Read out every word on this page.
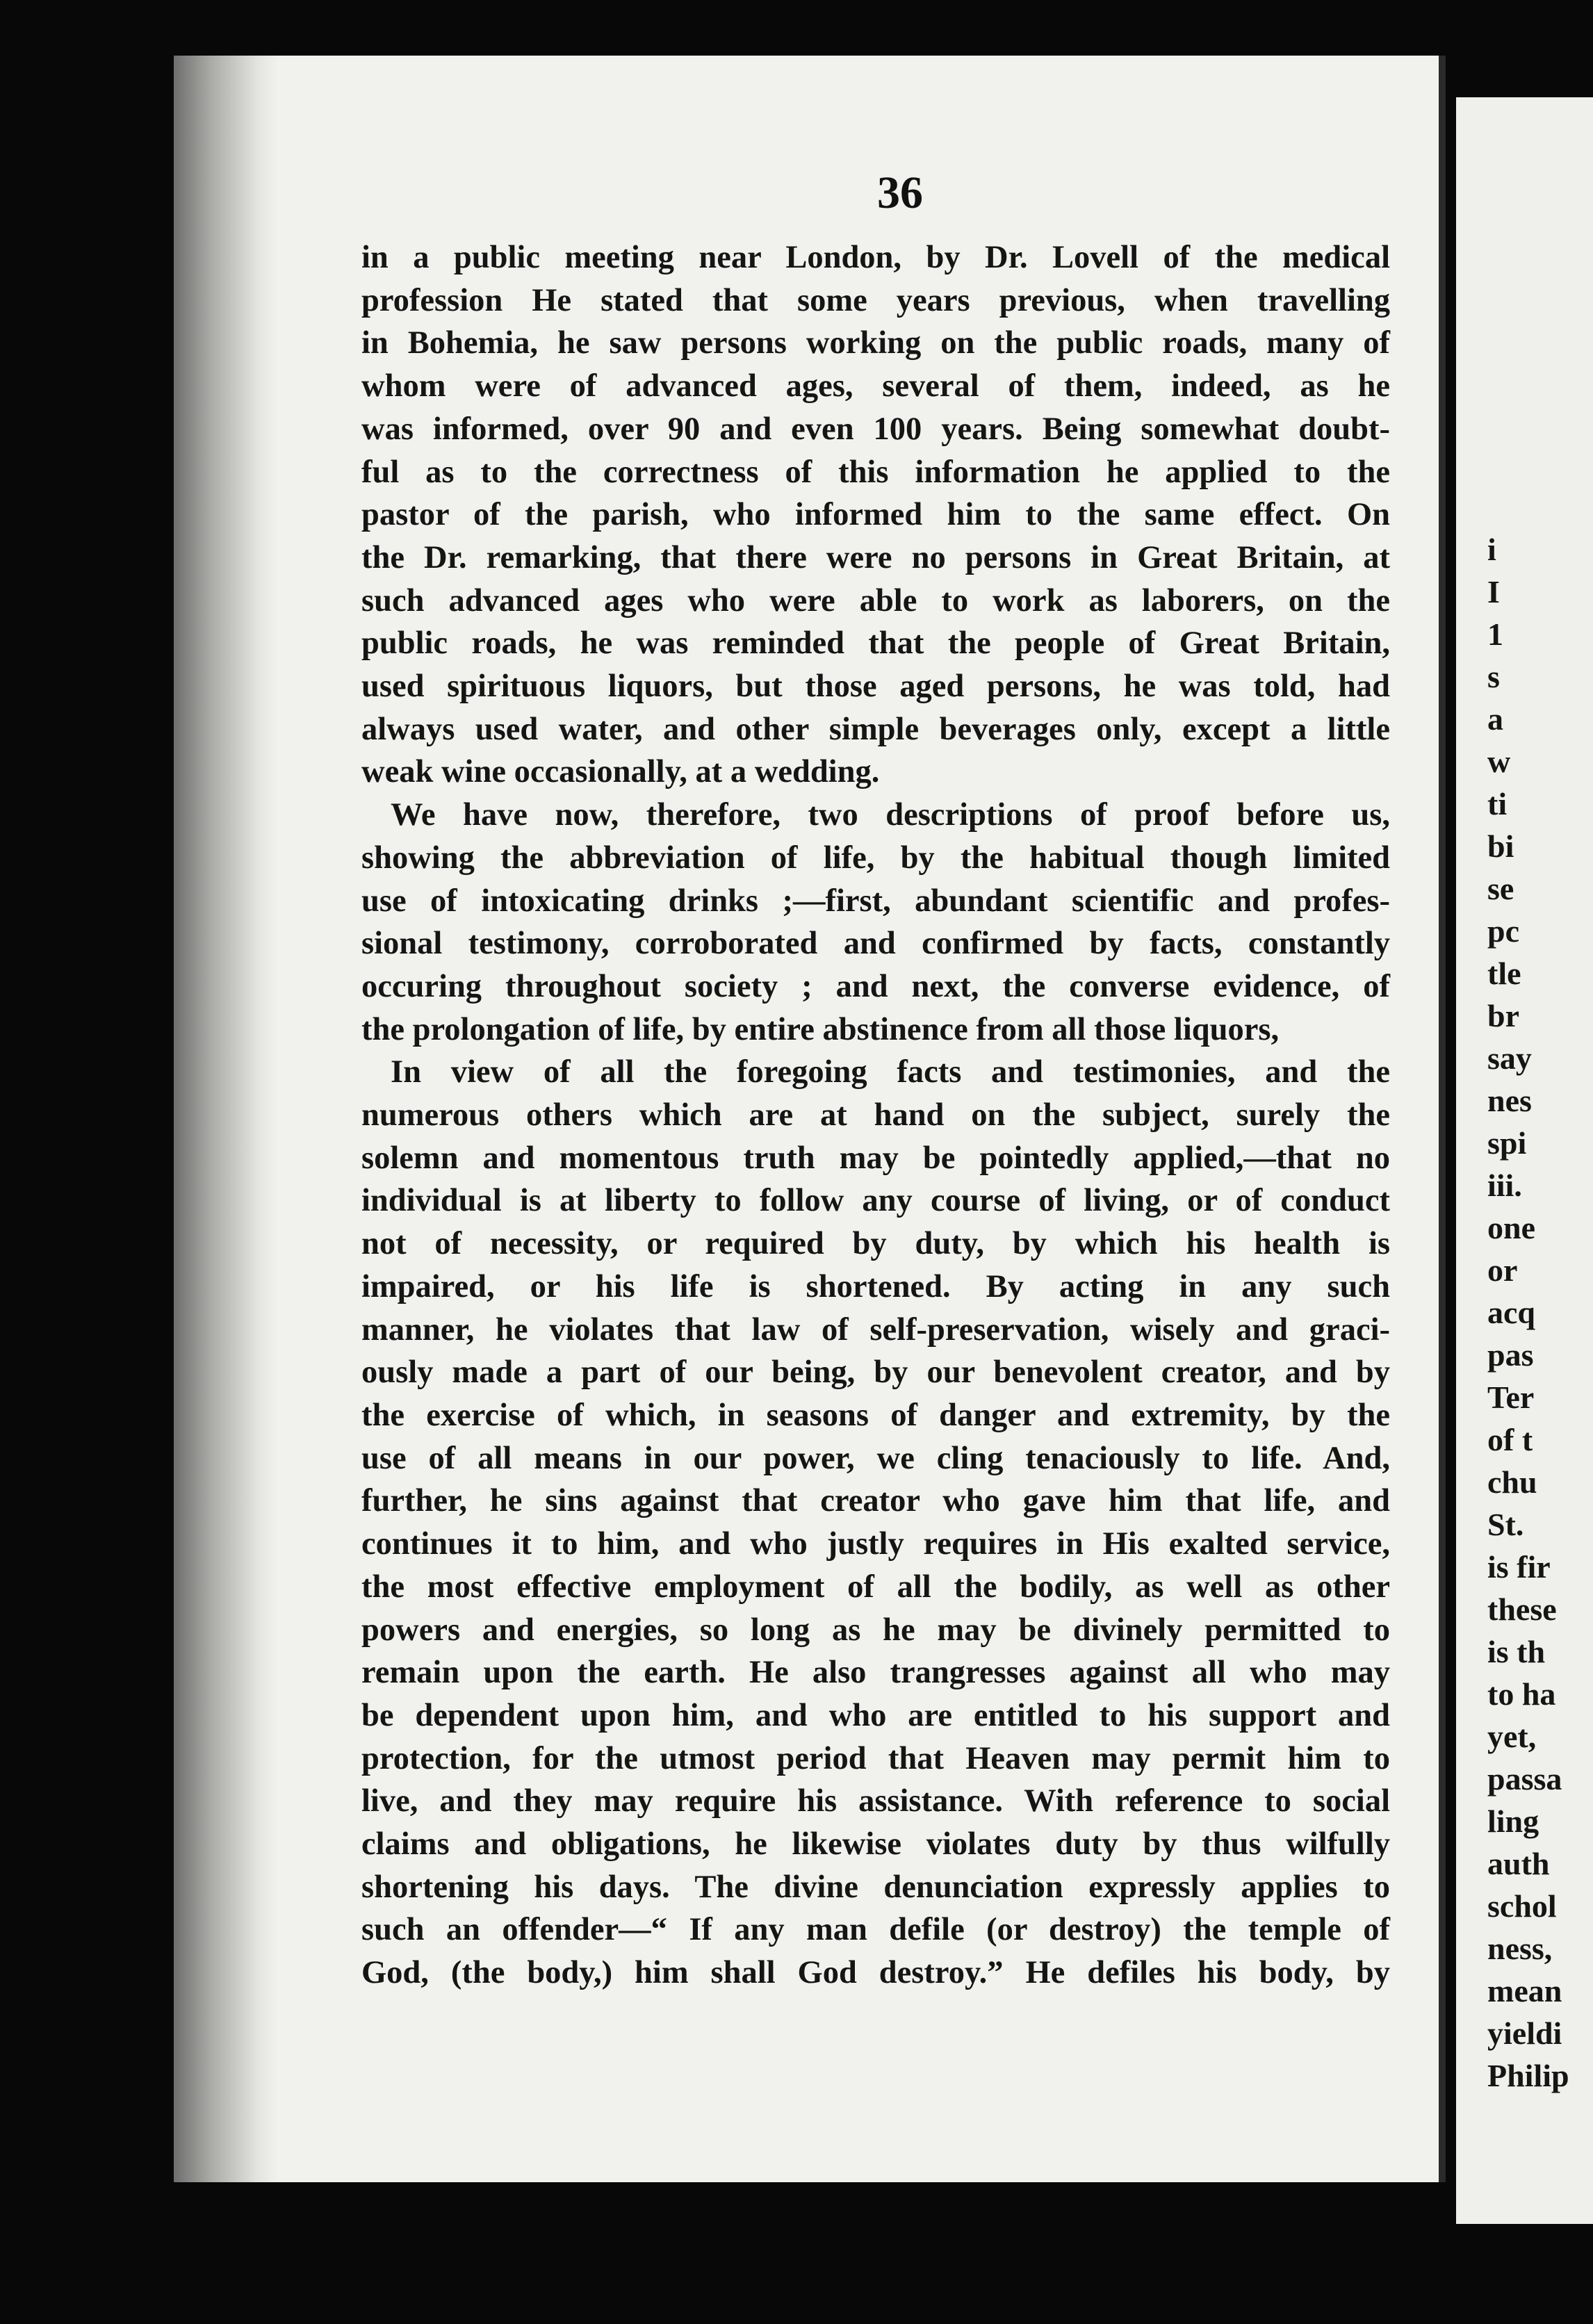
i
I
1
s
a
w
ti
bi
se
pc
tle
br
say
nes
spi
iii.
one
or
acq
pas
Ter
of t
chu
St.
is fir
these
is th
to ha
yet,
passa
ling
auth
schol
ness,
mean
yieldi
Philip
36
in a public meeting near London, by Dr. Lovell of the medical
profession He stated that some years previous, when travelling
in Bohemia, he saw persons working on the public roads, many of
whom were of advanced ages, several of them, indeed, as he
was informed, over 90 and even 100 years. Being somewhat doubt-
ful as to the correctness of this information he applied to the
pastor of the parish, who informed him to the same effect. On
the Dr. remarking, that there were no persons in Great Britain, at
such advanced ages who were able to work as laborers, on the
public roads, he was reminded that the people of Great Britain,
used spirituous liquors, but those aged persons, he was told, had
always used water, and other simple beverages only, except a little
weak wine occasionally, at a wedding.
We have now, therefore, two descriptions of proof before us,
showing the abbreviation of life, by the habitual though limited
use of intoxicating drinks ;—first, abundant scientific and profes-
sional testimony, corroborated and confirmed by facts, constantly
occuring throughout society ; and next, the converse evidence, of
the prolongation of life, by entire abstinence from all those liquors,
In view of all the foregoing facts and testimonies, and the
numerous others which are at hand on the subject, surely the
solemn and momentous truth may be pointedly applied,—that no
individual is at liberty to follow any course of living, or of conduct
not of necessity, or required by duty, by which his health is
impaired, or his life is shortened. By acting in any such
manner, he violates that law of self-preservation, wisely and graci-
ously made a part of our being, by our benevolent creator, and by
the exercise of which, in seasons of danger and extremity, by the
use of all means in our power, we cling tenaciously to life. And,
further, he sins against that creator who gave him that life, and
continues it to him, and who justly requires in His exalted service,
the most effective employment of all the bodily, as well as other
powers and energies, so long as he may be divinely permitted to
remain upon the earth. He also trangresses against all who may
be dependent upon him, and who are entitled to his support and
protection, for the utmost period that Heaven may permit him to
live, and they may require his assistance. With reference to social
claims and obligations, he likewise violates duty by thus wilfully
shortening his days. The divine denunciation expressly applies to
such an offender—“ If any man defile (or destroy) the temple of
God, (the body,) him shall God destroy.” He defiles his body, by
